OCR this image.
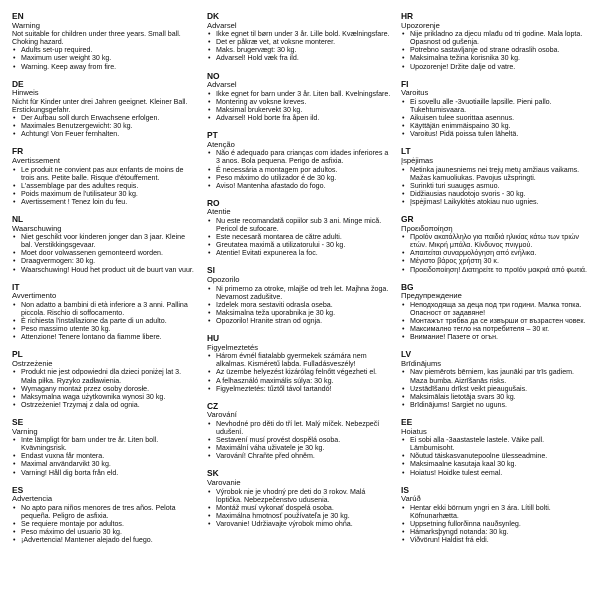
EN
Warning
Not suitable for children under three years. Small ball. Choking hazard.
• Adults set-up required.
• Maximum user weight 30 kg.
• Warning. Keep away from fire.
DE
Hinweis
Nicht für Kinder unter drei Jahren geeignet. Kleiner Ball. Erstickungsgefahr.
• Der Aufbau soll durch Erwachsene erfolgen.
• Maximales Benutzergewicht: 30 kg.
• Achtung! Von Feuer fernhalten.
FR
Avertissement
• Le produit ne convient pas aux enfants de moins de trois ans. Petite balle. Risque d'étouffement.
• L'assemblage par des adultes requis.
• Poids maximum de l'utilisateur 30 kg.
• Avertissement ! Tenez loin du feu.
NL
Waarschuwing
• Niet geschikt voor kinderen jonger dan 3 jaar. Kleine bal. Verstikkingsgevaar.
• Moet door volwassenen gemonteerd worden.
• Draagvermogen: 30 kg.
• Waarschuwing! Houd het product uit de buurt van vuur.
IT
Avvertimento
• Non adatto a bambini di età inferiore a 3 anni. Pallina piccola. Rischio di soffocamento.
• È richiesta l'installazione da parte di un adulto.
• Peso massimo utente 30 kg.
• Attenzione! Tenere lontano da fiamme libere.
PL
Ostrzeżenie
• Produkt nie jest odpowiedni dla dzieci poniżej lat 3. Mała piłka. Ryzyko zadławienia.
• Wymagany montaż przez osoby dorosłe.
• Maksymalna waga użytkownika wynosi 30 kg.
• Ostrzeżenie! Trzymaj z dala od ognia.
SE
Varning
• Inte lämpligt för barn under tre år. Liten boll. Kvävningsrisk.
• Endast vuxna får montera.
• Maximal användarvikt 30 kg.
• Varning! Håll dig borta från eld.
ES
Advertencia
• No apto para niños menores de tres años. Pelota pequeña. Peligro de asfixia.
• Se requiere montaje por adultos.
• Peso máximo del usuario 30 kg.
• ¡Advertencia! Mantener alejado del fuego.
DK
Advarsel
• Ikke egnet til børn under 3 år. Lille bold. Kvælningsfare.
• Det er påkræ vet, at voksne monterer.
• Maks. brugervægt: 30 kg.
• Advarsel! Hold væk fra ild.
NO
Advarsel
• Ikke egnet for barn under 3 år. Liten ball. Kvelningsfare.
• Montering av voksne kreves.
• Maksimal brukervekt 30 kg.
• Advarsel! Hold borte fra åpen ild.
PT
Atenção
• Não é adequado para crianças com idades inferiores a 3 anos. Bola pequena. Perigo de asfixia.
• É necessária a montagem por adultos.
• Peso máximo do utilizador é de 30 kg.
• Aviso! Mantenha afastado do fogo.
RO
Atentie
• Nu este recomandată copiilor sub 3 ani. Minge mică. Pericol de sufocare.
• Este necesară montarea de către adulti.
• Greutatea maximă a utilizatorului - 30 kg.
• Atentie! Evitati expunerea la foc.
SI
Opozorilo
• Ni primerno za otroke, mlajše od treh let. Majhna žoga. Nevarnost zadušitve.
• Izdelek mora sestaviti odrasla oseba.
• Maksimalna teža uporabnika je 30 kg.
• Opozorilo! Hranite stran od ognja.
HU
Figyelmeztetés
• Három évnél fiatalabb gyermekek számára nem alkalmas. Kisméretű labda. Fulladásveszély!
• Az üzembe helyezést kizárólag felnőtt végezheti el.
• A felhasználó maximális súlya: 30 kg.
• Figyelmeztetés: tűztől távol tartandó!
CZ
Varování
• Nevhodné pro děti do tří let. Malý míček. Nebezpečí udušení.
• Sestavení musí provést dospělá osoba.
• Maximální váha uživatele je 30 kg.
• Varování! Chraňte před ohněm.
SK
Varovanie
• Výrobok nie je vhodný pre deti do 3 rokov. Malá loptička. Nebezpečenstvo udusenia.
• Montáž musí vykonať dospelá osoba.
• Maximálna hmotnosť používateľa je 30 kg.
• Varovanie! Udržiavajte výrobok mimo ohňa.
HR
Upozorenje
• Nije prikladno za djecu mlađu od tri godine. Mala lopta. Opasnost od gušenja.
• Potrebno sastavljanje od strane odraslih osoba.
• Maksimalna težina korisnika 30 kg.
• Upozorenje! Držite dalje od vatre.
FI
Varoitus
• Ei sovellu alle -3vuotiaille lapsille. Pieni pallo. Tukehtumisvaara.
• Aikuisen tulee suorittaa asennus.
• Käyttäjän enimmäispaino 30 kg.
• Varoitus! Pidä poissa tulen läheltä.
LT
Įspėjimas
• Netinka jaunesniems nei trejų metų amžiaus vaikams. Mažas kamuoliukas. Pavojus užspringti.
• Surinkti turi suaugęs asmuo.
• Didžiausias naudotojo svoris - 30 kg.
• Įspėjimas! Laikykitės atokiau nuo ugnies.
GR
Προειδοποίηση
• Προϊόν ακατάλληλο για παιδιά ηλικίας κάτω των τριών ετών. Μικρή μπάλα. Κίνδυνος πνιγμού.
• Απαιτείται συναρμολόγηση από ενήλικα.
• Μέγιστο βάρος χρήστη 30 κ.
• Προειδοποίηση! Διατηρείτε το προϊόν μακριά από φωτιά.
BG
Предупреждение
• Неподходяща за деца под три години. Малка топка. Опасност от задавяне!
• Монтажът трябва да се извърши от възрастен човек.
• Максимално тегло на потребителя – 30 кг.
• Внимание! Пазете от огън.
LV
Brīdinājums
• Nav piemērots bērniem, kas jaunāki par trīs gadiem. Maza bumba. Aizrīšanās risks.
• Uzstādīšanu drīkst veikt pieaugušais.
• Maksimālais lietotāja svars 30 kg.
• Brīdinājums! Sargiet no uguns.
EE
Hoiatus
• Ei sobi alla -3aastastele lastele. Väike pall. Lämbumisoht.
• Nõutud täiskasvanutepoolne ülesseadmine.
• Maksimaalne kasutaja kaal 30 kg.
• Hoiatus! Hoidke tulest eemal.
IS
Varúð
• Hentar ekki börnum yngri en 3 ára. Lítill bolti. Köfnunarhætta.
• Uppsetning fullorðinna nauðsynleg.
• Hámarksþyngd notanda: 30 kg.
• Viðvörun! Haldist frá eldi.
